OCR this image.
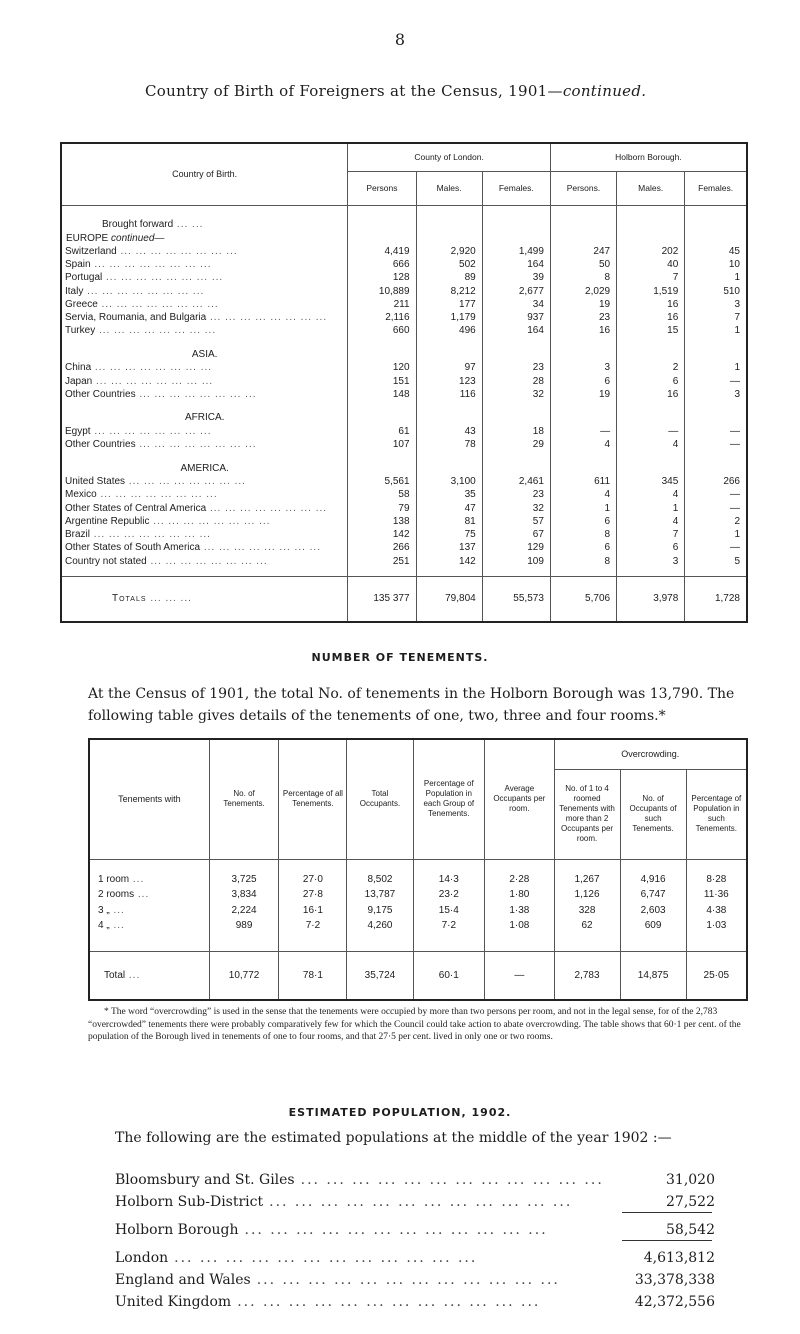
8
Country of Birth of Foreigners at the Census, 1901—continued.
Country of Birth.	County of London.			Holborn Borough.		
	Persons	Males.	Females.	Persons.	Males.	Females.

Brought forward ... ...						
EUROPE continued—						
Switzerland ... ... ... ... ... ... ... ...	4,419	2,920	1,499	247	202	45
Spain ... ... ... ... ... ... ... ...	666	502	164	50	40	10
Portugal ... ... ... ... ... ... ... ...	128	89	39	8	7	1
Italy ... ... ... ... ... ... ... ...	10,889	8,212	2,677	2,029	1,519	510
Greece ... ... ... ... ... ... ... ...	211	177	34	19	16	3
Servia, Roumania, and Bulgaria ... ... ... ... ... ... ... ...	2,116	1,179	937	23	16	7
Turkey ... ... ... ... ... ... ... ...	660	496	164	16	15	1
ASIA.						
China ... ... ... ... ... ... ... ...	120	97	23	3	2	1
Japan ... ... ... ... ... ... ... ...	151	123	28	6	6	—
Other Countries ... ... ... ... ... ... ... ...	148	116	32	19	16	3
AFRICA.						
Egypt ... ... ... ... ... ... ... ...	61	43	18	—	—	—
Other Countries ... ... ... ... ... ... ... ...	107	78	29	4	4	—
AMERICA.						
United States ... ... ... ... ... ... ... ...	5,561	3,100	2,461	611	345	266
Mexico ... ... ... ... ... ... ... ...	58	35	23	4	4	—
Other States of Central America ... ... ... ... ... ... ... ...	79	47	32	1	1	—
Argentine Republic ... ... ... ... ... ... ... ...	138	81	57	6	4	2
Brazil ... ... ... ... ... ... ... ...	142	75	67	8	7	1
Other States of South America ... ... ... ... ... ... ... ...	266	137	129	6	6	—
Country not stated ... ... ... ... ... ... ... ...	251	142	109	8	3	5

Totals ... ... ...	135 377	79,804	55,573	5,706	3,978	1,728
NUMBER OF TENEMENTS.
At the Census of 1901, the total No. of tenements in the Holborn Borough was 13,790. The following table gives details of the tenements of one, two, three and four rooms.*
Tenements with	No. of Tenements.	Percentage of all Tenements.	Total Occupants.	Percentage of Population in each Group of Tenements.	Average Occupants per room.	Overcrowding.		
						No. of 1 to 4 roomed Tenements with more than 2 Occupants per room.	No. of Occupants of such Tenements.	Percentage of Population in such Tenements.

1 room ...	3,725	27·0	8,502	14·3	2·28	1,267	4,916	8·28
2 rooms ...	3,834	27·8	13,787	23·2	1·80	1,126	6,747	11·36
3 „ ...	2,224	16·1	9,175	15·4	1·38	328	2,603	4·38
4 „ ...	989	7·2	4,260	7·2	1·08	62	609	1·03

Total ...	10,772	78·1	35,724	60·1	—	2,783	14,875	25·05
* The word “overcrowding” is used in the sense that the tenements were occupied by more than two persons per room, and not in the legal sense, for of the 2,783 “overcrowded” tenements there were probably comparatively few for which the Council could take action to abate overcrowding. The table shows that 60·1 per cent. of the population of the Borough lived in tenements of one to four rooms, and that 27·5 per cent. lived in only one or two rooms.
ESTIMATED POPULATION, 1902.
The following are the estimated populations at the middle of the year 1902 :—
Bloomsbury and St. Giles ... ... ... ... ... ... ... ... ... ... ... ...	31,020
Holborn Sub-District ... ... ... ... ... ... ... ... ... ... ... ...	27,522
Holborn Borough ... ... ... ... ... ... ... ... ... ... ... ...	58,542
London ... ... ... ... ... ... ... ... ... ... ... ...	4,613,812
England and Wales ... ... ... ... ... ... ... ... ... ... ... ...	33,378,338
United Kingdom ... ... ... ... ... ... ... ... ... ... ... ...	42,372,556
